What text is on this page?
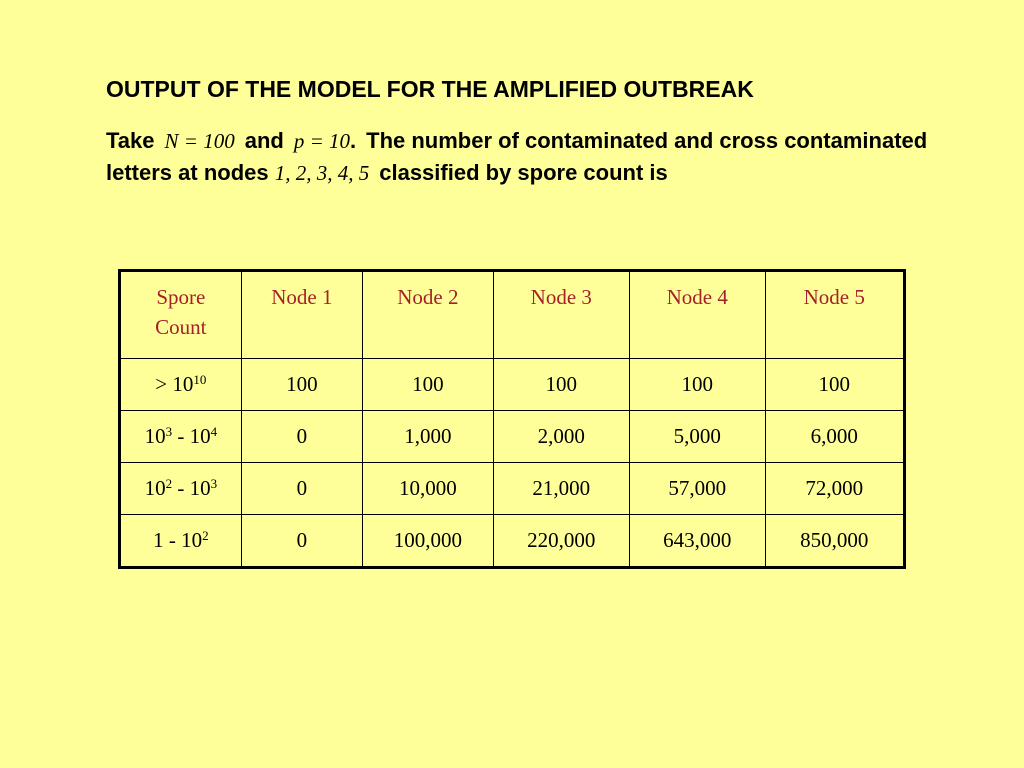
OUTPUT OF THE MODEL FOR THE AMPLIFIED OUTBREAK
Take N = 100 and p = 10. The number of contaminated and cross contaminated letters at nodes 1, 2, 3, 4, 5 classified by spore count is
Spore Count	Node 1	Node 2	Node 3	Node 4	Node 5
> $10^{10}$	100	100	100	100	100
$10^3 - 10^4$	0	1,000	2,000	5,000	6,000
$10^2 - 10^3$	0	10,000	21,000	57,000	72,000
$1 - 10^2$	0	100,000	220,000	643,000	850,000
